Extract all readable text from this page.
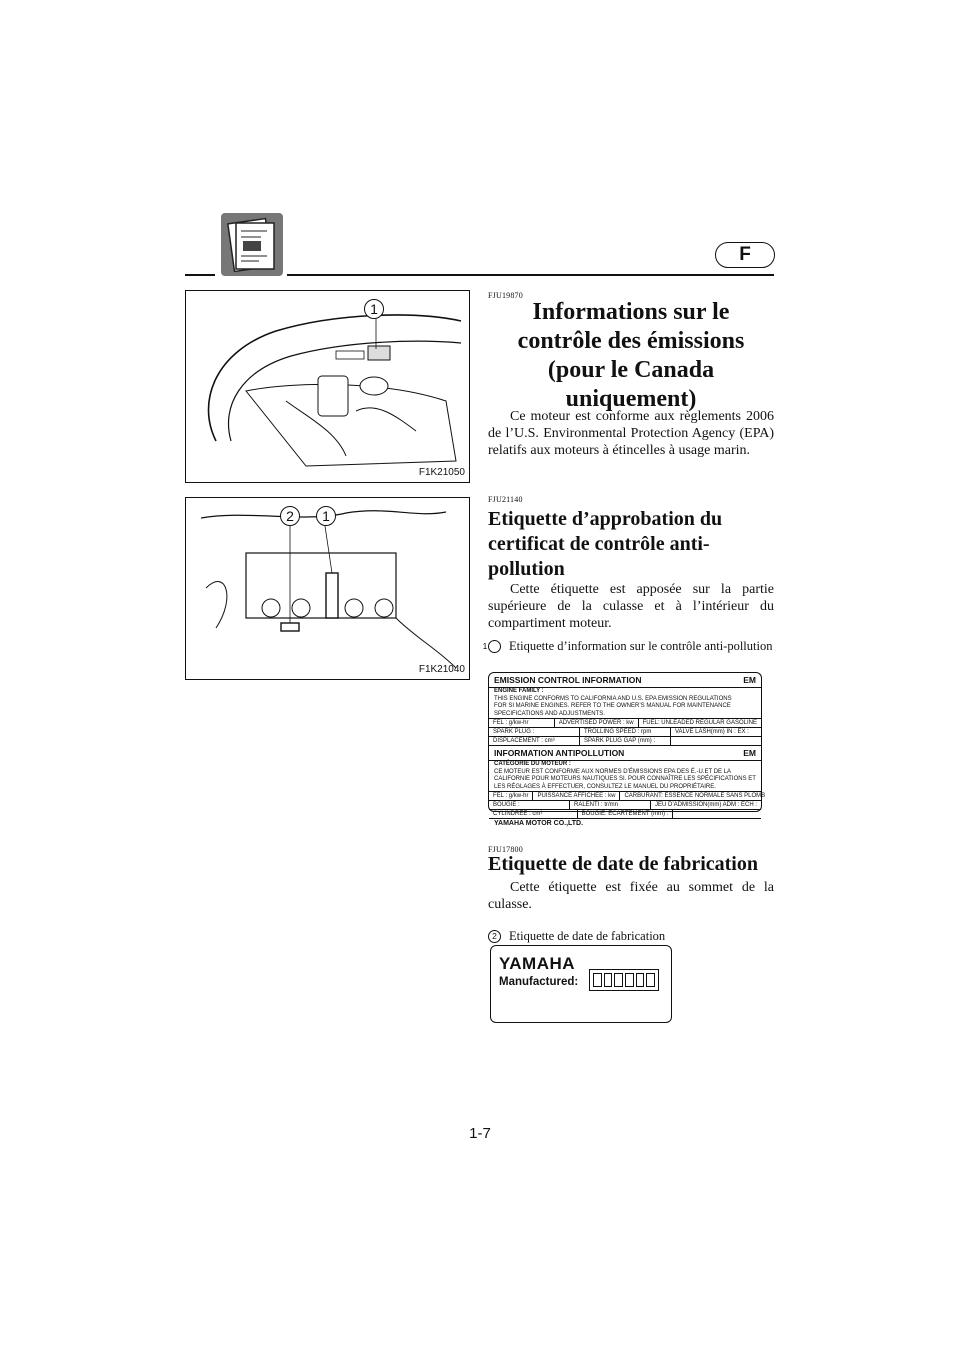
F
1
F1K21050
2	1
F1K21040
FJU19870
Informations sur le contrôle des émissions (pour le Canada uniquement)
Ce moteur est conforme aux règlements 2006 de l’U.S. Environmental Protection Agency (EPA) relatifs aux moteurs à étincelles à usage marin.
FJU21140
Etiquette d’approbation du certificat de contrôle anti-pollution
Cette étiquette est apposée sur la partie supérieure de la culasse et à l’intérieur du compartiment moteur.
1 Etiquette d’information sur le contrôle anti-pollution
EMISSION CONTROL INFORMATION	EM
ENGINE FAMILY :
THIS ENGINE CONFORMS TO CALIFORNIA AND U.S. EPA EMISSION REGULATIONS
FOR SI MARINE ENGINES. REFER TO THE OWNER’S MANUAL FOR MAINTENANCE
SPECIFICATIONS AND ADJUSTMENTS.
FEL : g/kw-hr	ADVERTISED POWER : kw	FUEL: UNLEADED REGULAR GASOLINE
SPARK PLUG :	TROLLING SPEED : rpm	VALVE LASH(mm) IN : EX :
DISPLACEMENT : cm³	SPARK PLUG GAP (mm) :
INFORMATION ANTIPOLLUTION	EM
CATÉGORIE DU MOTEUR :
CE MOTEUR EST CONFORME AUX NORMES D’ÉMISSIONS EPA DES É.-U.ET DE LA
CALIFORNIE POUR MOTEURS NAUTIQUES SI. POUR CONNAÎTRE LES SPÉCIFICATIONS ET
LES RÉGLAGES À EFFECTUER, CONSULTEZ LE MANUEL DU PROPRIÉTAIRE.
FEL : g/kw-hr	PUISSANCE AFFICHÉE : kw	CARBURANT: ESSENCE NORMALE SANS PLOMB
BOUGIE :	RALENTI : tr/mn	JEU D’ADMISSION(mm) ADM : ÉCH :
CYLINDRÉE : cm³	BOUGIE: ÉCARTEMENT (mm) :
YAMAHA MOTOR CO.,LTD.
FJU17800
Etiquette de date de fabrication
Cette étiquette est fixée au sommet de la culasse.
2 Etiquette de date de fabrication
YAMAHA
Manufactured:
1-7
